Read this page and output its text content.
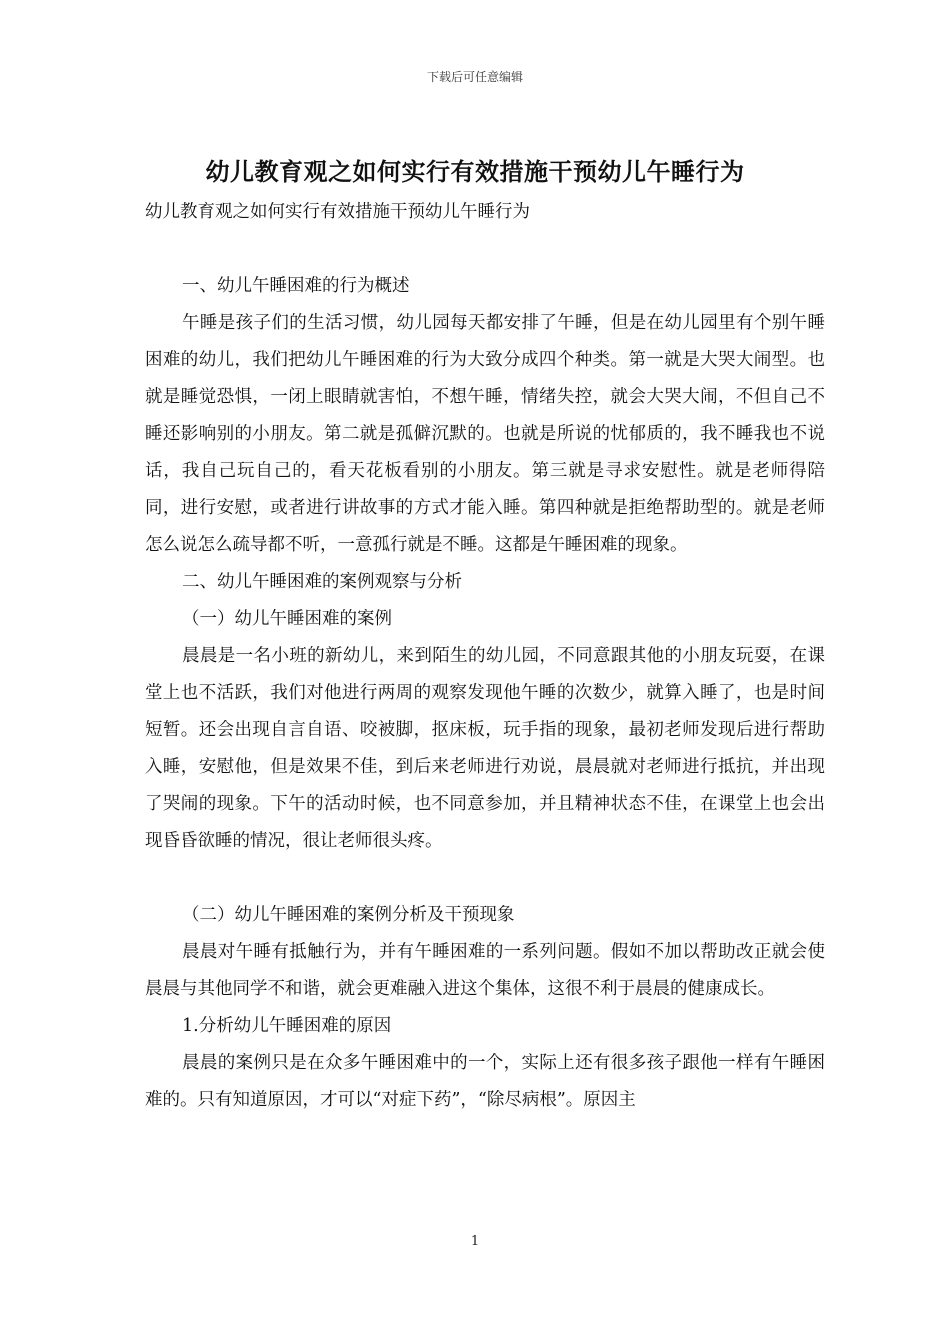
下载后可任意编辑
幼儿教育观之如何实行有效措施干预幼儿午睡行为

幼儿教育观之如何实行有效措施干预幼儿午睡行为

一、幼儿午睡困难的行为概述

午睡是孩子们的生活习惯，幼儿园每天都安排了午睡，但是在幼儿园里有个别午睡困难的幼儿，我们把幼儿午睡困难的行为大致分成四个种类。第一就是大哭大闹型。也就是睡觉恐惧，一闭上眼睛就害怕，不想午睡，情绪失控，就会大哭大闹，不但自己不睡还影响别的小朋友。第二就是孤僻沉默的。也就是所说的忧郁质的，我不睡我也不说话，我自己玩自己的，看天花板看别的小朋友。第三就是寻求安慰性。就是老师得陪同，进行安慰，或者进行讲故事的方式才能入睡。第四种就是拒绝帮助型的。就是老师怎么说怎么疏导都不听，一意孤行就是不睡。这都是午睡困难的现象。

二、幼儿午睡困难的案例观察与分析

（一）幼儿午睡困难的案例

晨晨是一名小班的新幼儿，来到陌生的幼儿园，不同意跟其他的小朋友玩耍，在课堂上也不活跃，我们对他进行两周的观察发现他午睡的次数少，就算入睡了，也是时间短暂。还会出现自言自语、咬被脚，抠床板，玩手指的现象，最初老师发现后进行帮助入睡，安慰他，但是效果不佳，到后来老师进行劝说，晨晨就对老师进行抵抗，并出现了哭闹的现象。下午的活动时候，也不同意参加，并且精神状态不佳，在课堂上也会出现昏昏欲睡的情况，很让老师很头疼。

（二）幼儿午睡困难的案例分析及干预现象

晨晨对午睡有抵触行为，并有午睡困难的一系列问题。假如不加以帮助改正就会使晨晨与其他同学不和谐，就会更难融入进这个集体，这很不利于晨晨的健康成长。

1.分析幼儿午睡困难的原因

晨晨的案例只是在众多午睡困难中的一个，实际上还有很多孩子跟他一样有午睡困难的。只有知道原因，才可以“对症下药”，“除尽病根”。原因主

1
